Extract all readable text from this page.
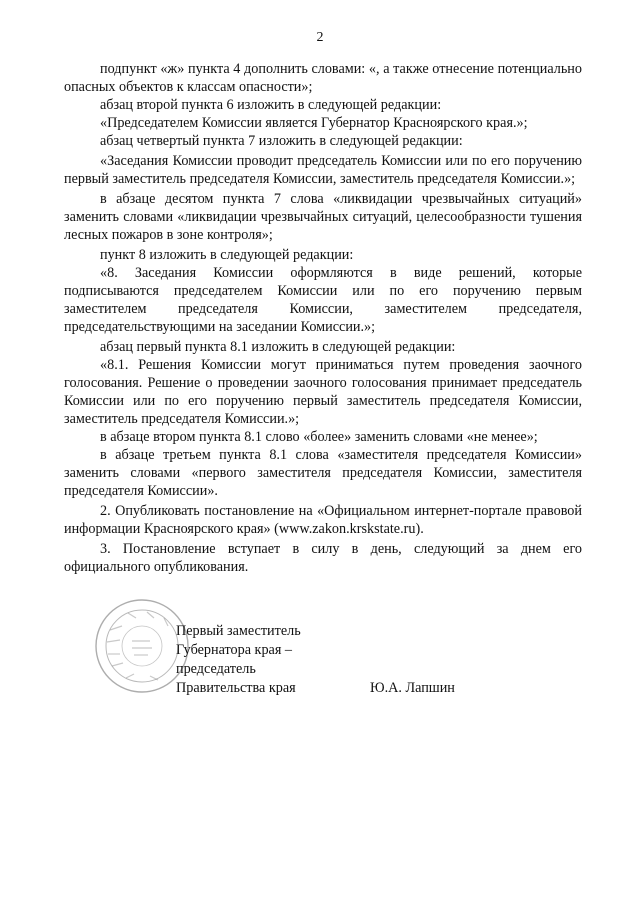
2

подпункт «ж» пункта 4 дополнить словами: «, а также отнесение потенциально опасных объектов к классам опасности»;

абзац второй пункта 6 изложить в следующей редакции:

«Председателем Комиссии является Губернатор Красноярского края.»;

абзац четвертый пункта 7 изложить в следующей редакции:

«Заседания Комиссии проводит председатель Комиссии или по его поручению первый заместитель председателя Комиссии, заместитель председателя Комиссии.»;

в абзаце десятом пункта 7 слова «ликвидации чрезвычайных ситуаций» заменить словами «ликвидации чрезвычайных ситуаций, целесообразности тушения лесных пожаров в зоне контроля»;

пункт 8 изложить в следующей редакции:

«8. Заседания Комиссии оформляются в виде решений, которые подписываются председателем Комиссии или по его поручению первым заместителем председателя Комиссии, заместителем председателя, председательствующими на заседании Комиссии.»;

абзац первый пункта 8.1 изложить в следующей редакции:

«8.1. Решения Комиссии могут приниматься путем проведения заочного голосования. Решение о проведении заочного голосования принимает председатель Комиссии или по его поручению первый заместитель председателя Комиссии, заместитель председателя Комиссии.»;

в абзаце втором пункта 8.1 слово «более» заменить словами «не менее»;

в абзаце третьем пункта 8.1 слова «заместителя председателя Комиссии» заменить словами «первого заместителя председателя Комиссии, заместителя председателя Комиссии».

2. Опубликовать постановление на «Официальном интернет-портале правовой информации Красноярского края» (www.zakon.krskstate.ru).

3. Постановление вступает в силу в день, следующий за днем его официального опубликования.

Первый заместитель
Губернатора края –
председатель
Правительства края	Ю.А. Лапшин
